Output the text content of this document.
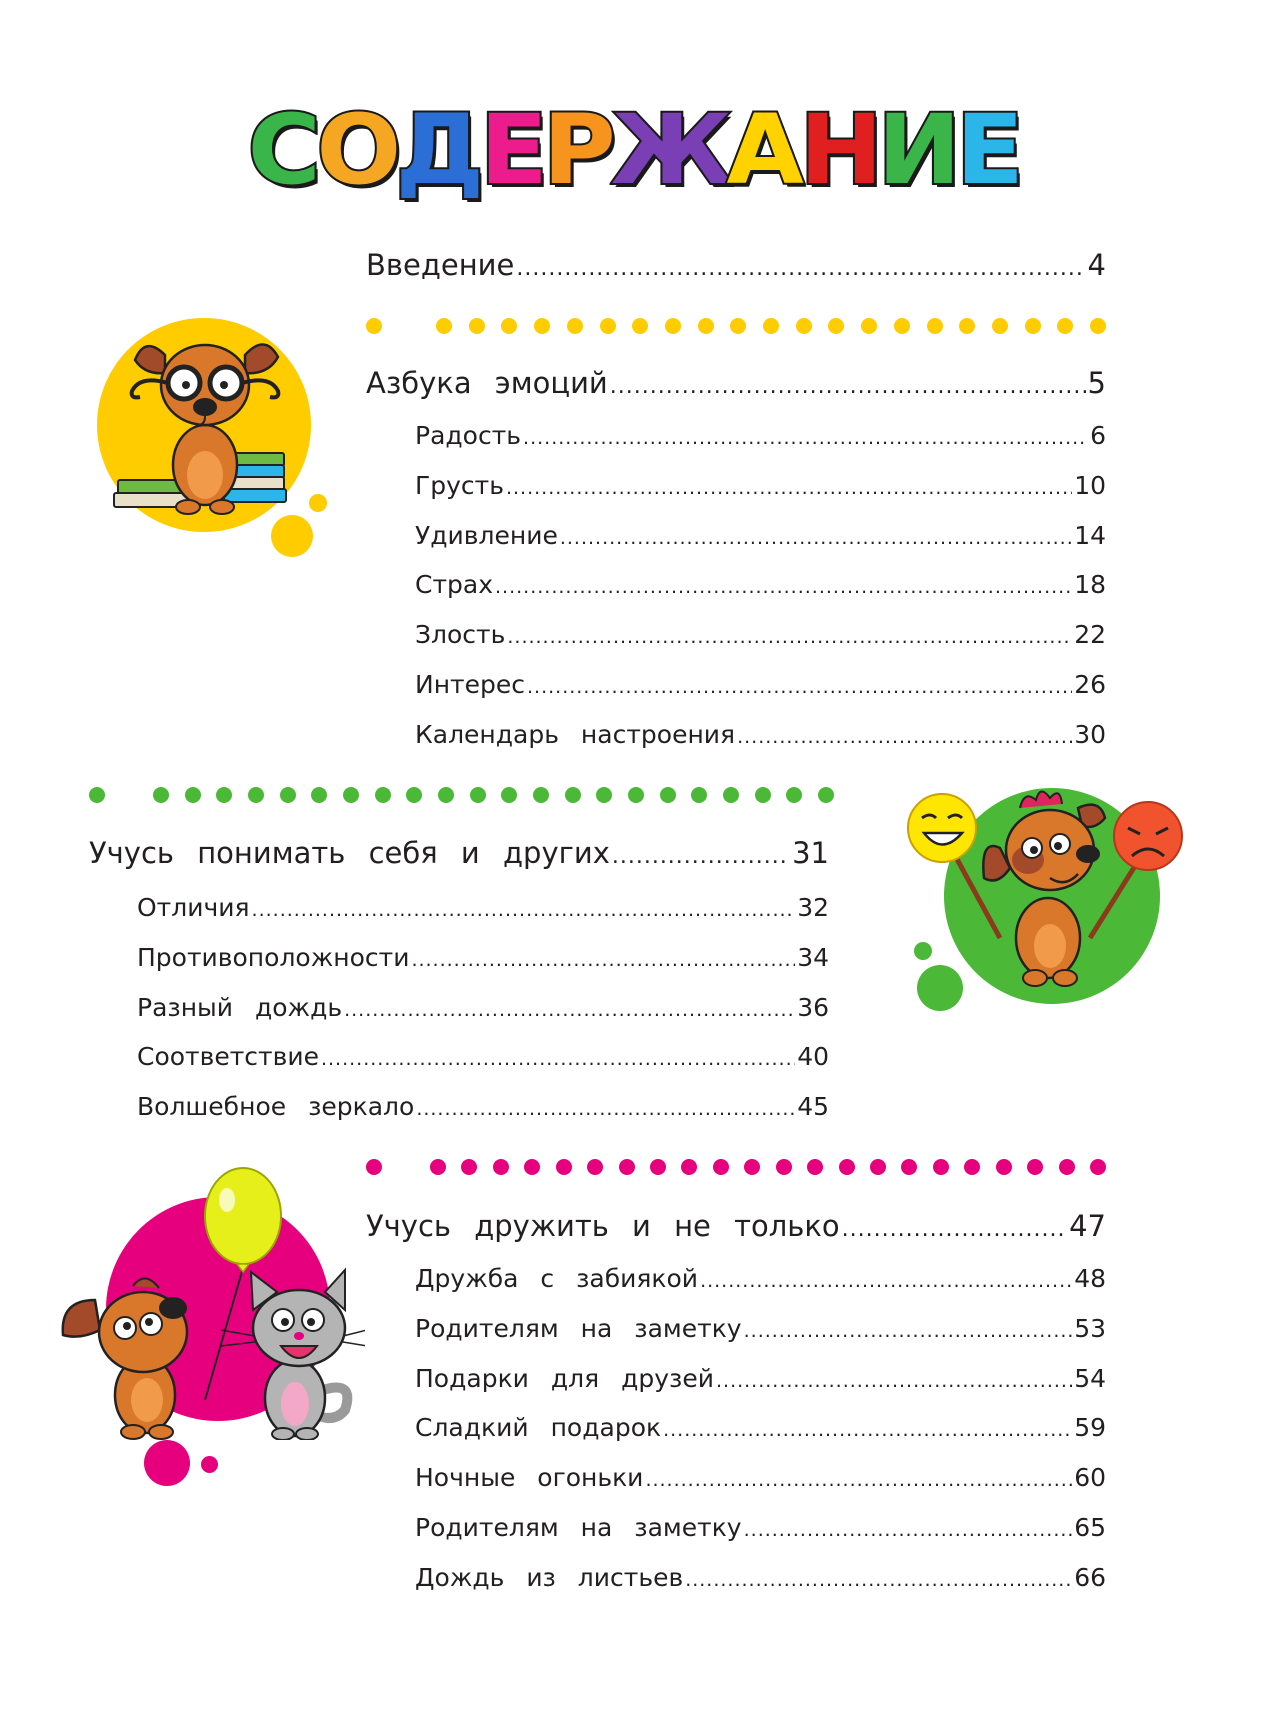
СОДЕРЖАНИЕ
Введение .....	4
Азбука эмоций .....	5
Радость .....	6
Грусть .....	10
Удивление .....	14
Страх .....	18
Злость .....	22
Интерес .....	26
Календарь настроения .....	30
Учусь понимать себя и других .....	31
Отличия .....	32
Противоположности .....	34
Разный дождь .....	36
Соответствие .....	40
Волшебное зеркало .....	45
Учусь дружить и не только .....	47
Дружба с забиякой .....	48
Родителям на заметку .....	53
Подарки для друзей .....	54
Сладкий подарок .....	59
Ночные огоньки .....	60
Родителям на заметку .....	65
Дождь из листьев .....	66
